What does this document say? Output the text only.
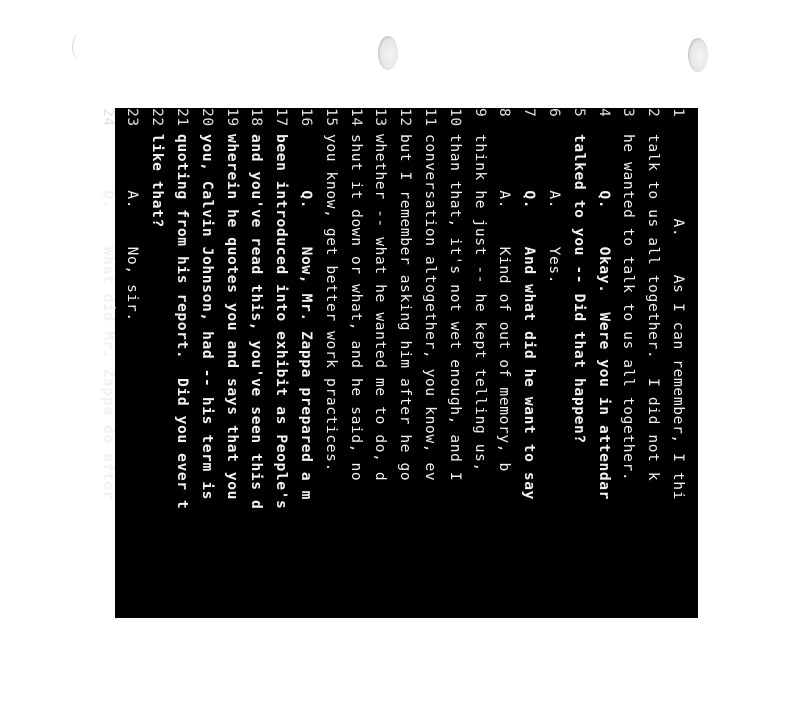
1         A.    As I can remember, I thi
2talk to us all together.  I did not k
3he wanted to talk to us all together.
4      Q.    Okay.  Were you in attendar
5talked to you -- Did that happen?
6      A.    Yes.
7      Q.    And what did he want to say
8      A.    Kind of out of memory, b
9think he just -- he kept telling us,
10than that, it's not wet enough, and I
11conversation altogether, you know, ev
12but I remember asking him after he go
13whether -- what he wanted me to do, d
14shut it down or what, and he said, no
15you know, get better work practices.
16      Q.    Now, Mr. Zappa prepared a m
17been introduced into exhibit as People's
18and you've read this, you've seen this d
19wherein he quotes you and says that you
20you, Calvin Johnson, had -- his term is
21quoting from his report.  Did you ever t
22like that?
23      A.    No, sir.
24      Q.    What did Mr. Zappa do after
